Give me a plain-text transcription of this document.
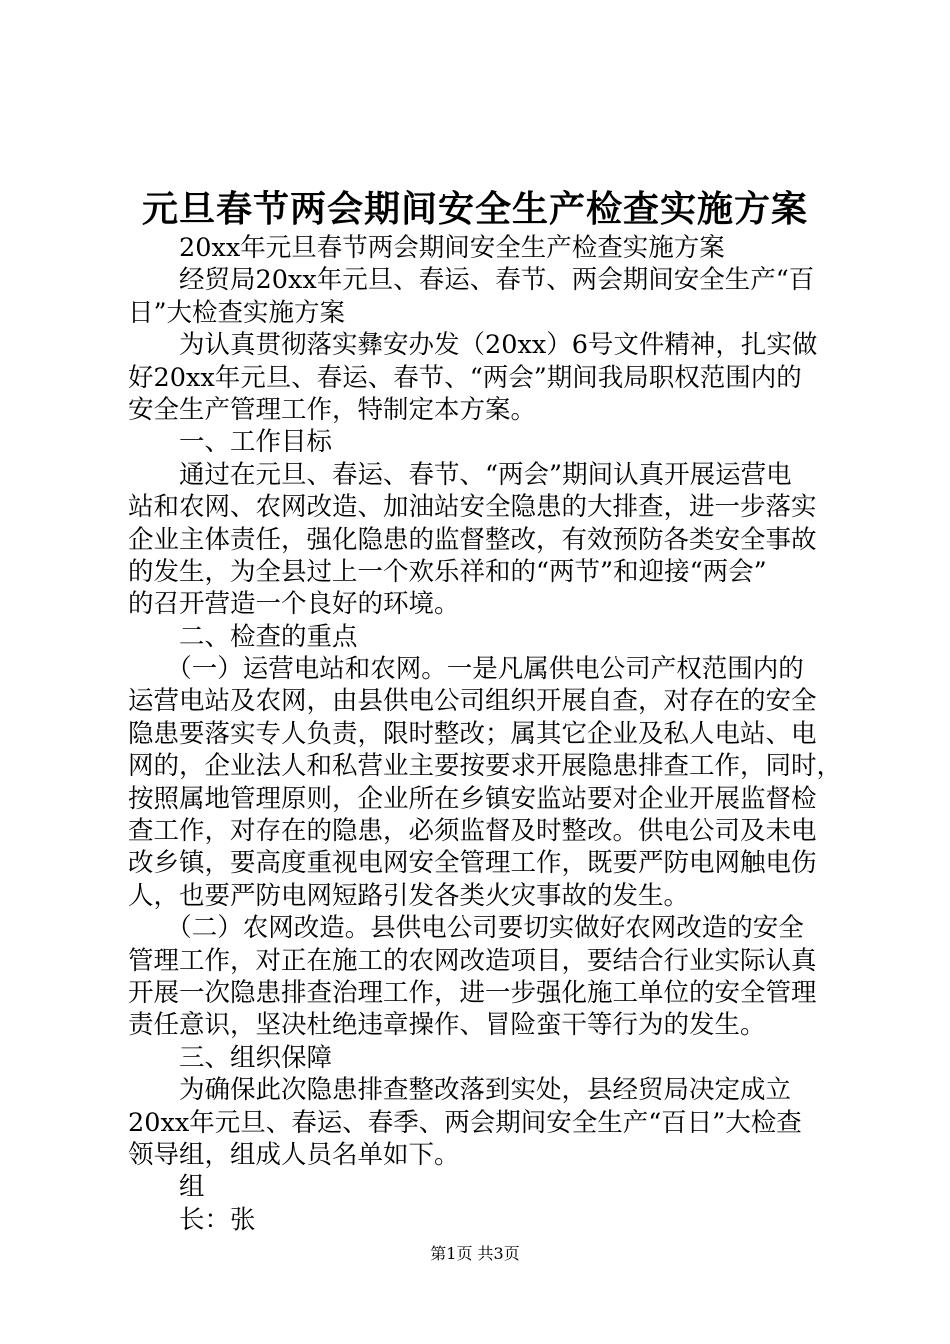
元旦春节两会期间安全生产检查实施方案
　　20xx年元旦春节两会期间安全生产检查实施方案
　　经贸局20xx年元旦、春运、春节、两会期间安全生产“百
日”大检查实施方案
　　为认真贯彻落实彝安办发（20xx）6号文件精神，扎实做
好20xx年元旦、春运、春节、“两会”期间我局职权范围内的
安全生产管理工作，特制定本方案。
　　一、工作目标
　　通过在元旦、春运、春节、“两会”期间认真开展运营电
站和农网、农网改造、加油站安全隐患的大排查，进一步落实
企业主体责任，强化隐患的监督整改，有效预防各类安全事故
的发生，为全县过上一个欢乐祥和的“两节”和迎接“两会”
的召开营造一个良好的环境。
　　二、检查的重点
　　（一）运营电站和农网。一是凡属供电公司产权范围内的
运营电站及农网，由县供电公司组织开展自查，对存在的安全
隐患要落实专人负责，限时整改；属其它企业及私人电站、电
网的，企业法人和私营业主要按要求开展隐患排查工作，同时，
按照属地管理原则，企业所在乡镇安监站要对企业开展监督检
查工作，对存在的隐患，必须监督及时整改。供电公司及未电
改乡镇，要高度重视电网安全管理工作，既要严防电网触电伤
人，也要严防电网短路引发各类火灾事故的发生。
　　（二）农网改造。县供电公司要切实做好农网改造的安全
管理工作，对正在施工的农网改造项目，要结合行业实际认真
开展一次隐患排查治理工作，进一步强化施工单位的安全管理
责任意识，坚决杜绝违章操作、冒险蛮干等行为的发生。
　　三、组织保障
　　为确保此次隐患排查整改落到实处，县经贸局决定成立
20xx年元旦、春运、春季、两会期间安全生产“百日”大检查
领导组，组成人员名单如下。
　　组
　　长：张
第1页 共3页
